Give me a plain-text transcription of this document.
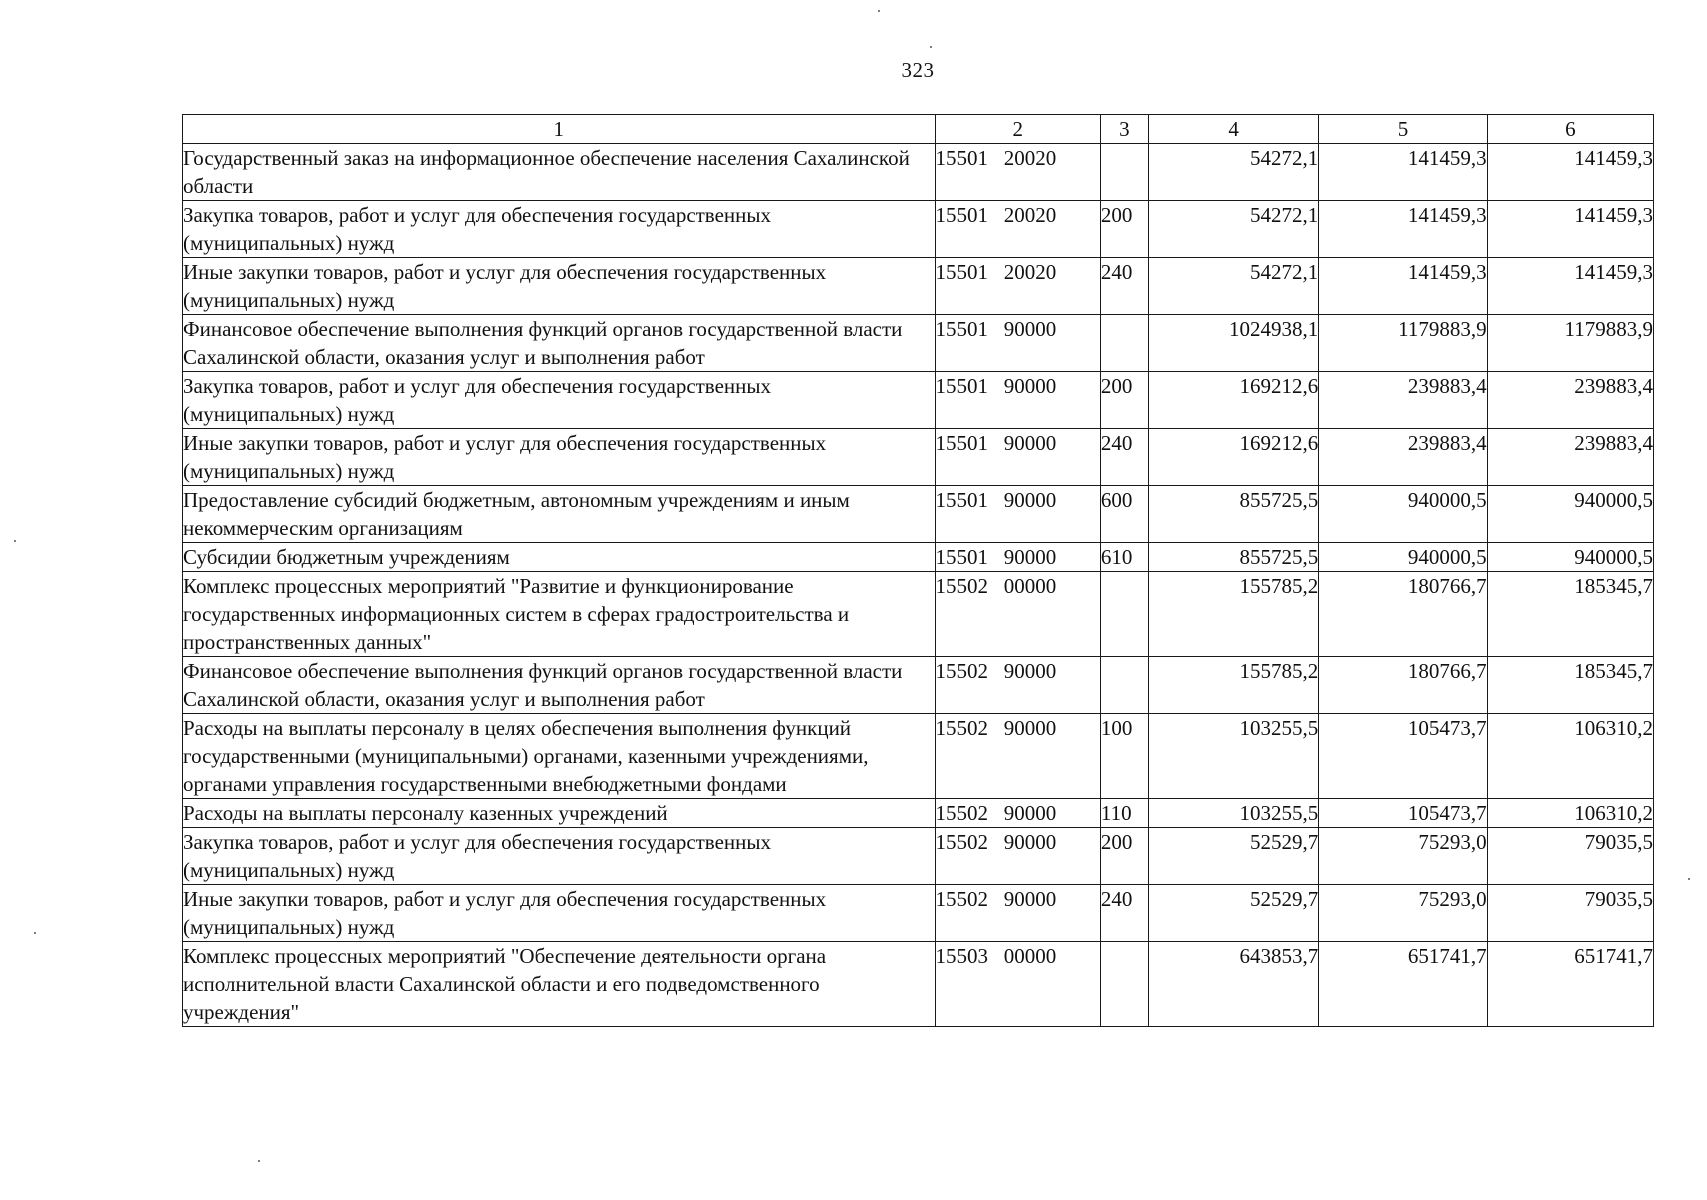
323
1	2	3	4	5	6
Государственный заказ на информационное обеспечение населения Сахалинской области	15501   20020		54272,1	141459,3	141459,3
Закупка товаров, работ и услуг для обеспечения государственных (муниципальных) нужд	15501   20020	200	54272,1	141459,3	141459,3
Иные закупки товаров, работ и услуг для обеспечения государственных (муниципальных) нужд	15501   20020	240	54272,1	141459,3	141459,3
Финансовое обеспечение выполнения функций органов государственной власти Сахалинской области, оказания услуг и выполнения работ	15501   90000		1024938,1	1179883,9	1179883,9
Закупка товаров, работ и услуг для обеспечения государственных (муниципальных) нужд	15501   90000	200	169212,6	239883,4	239883,4
Иные закупки товаров, работ и услуг для обеспечения государственных (муниципальных) нужд	15501   90000	240	169212,6	239883,4	239883,4
Предоставление субсидий бюджетным, автономным учреждениям и иным некоммерческим организациям	15501   90000	600	855725,5	940000,5	940000,5
Субсидии бюджетным учреждениям	15501   90000	610	855725,5	940000,5	940000,5
Комплекс процессных мероприятий "Развитие и функционирование государственных информационных систем в сферах градостроительства и пространственных данных"	15502   00000		155785,2	180766,7	185345,7
Финансовое обеспечение выполнения функций органов государственной власти Сахалинской области, оказания услуг и выполнения работ	15502   90000		155785,2	180766,7	185345,7
Расходы на выплаты персоналу в целях обеспечения выполнения функций государственными (муниципальными) органами, казенными учреждениями, органами управления государственными внебюджетными фондами	15502   90000	100	103255,5	105473,7	106310,2
Расходы на выплаты персоналу казенных учреждений	15502   90000	110	103255,5	105473,7	106310,2
Закупка товаров, работ и услуг для обеспечения государственных (муниципальных) нужд	15502   90000	200	52529,7	75293,0	79035,5
Иные закупки товаров, работ и услуг для обеспечения государственных (муниципальных) нужд	15502   90000	240	52529,7	75293,0	79035,5
Комплекс процессных мероприятий "Обеспечение деятельности органа исполнительной власти Сахалинской области и его подведомственного учреждения"	15503   00000		643853,7	651741,7	651741,7
